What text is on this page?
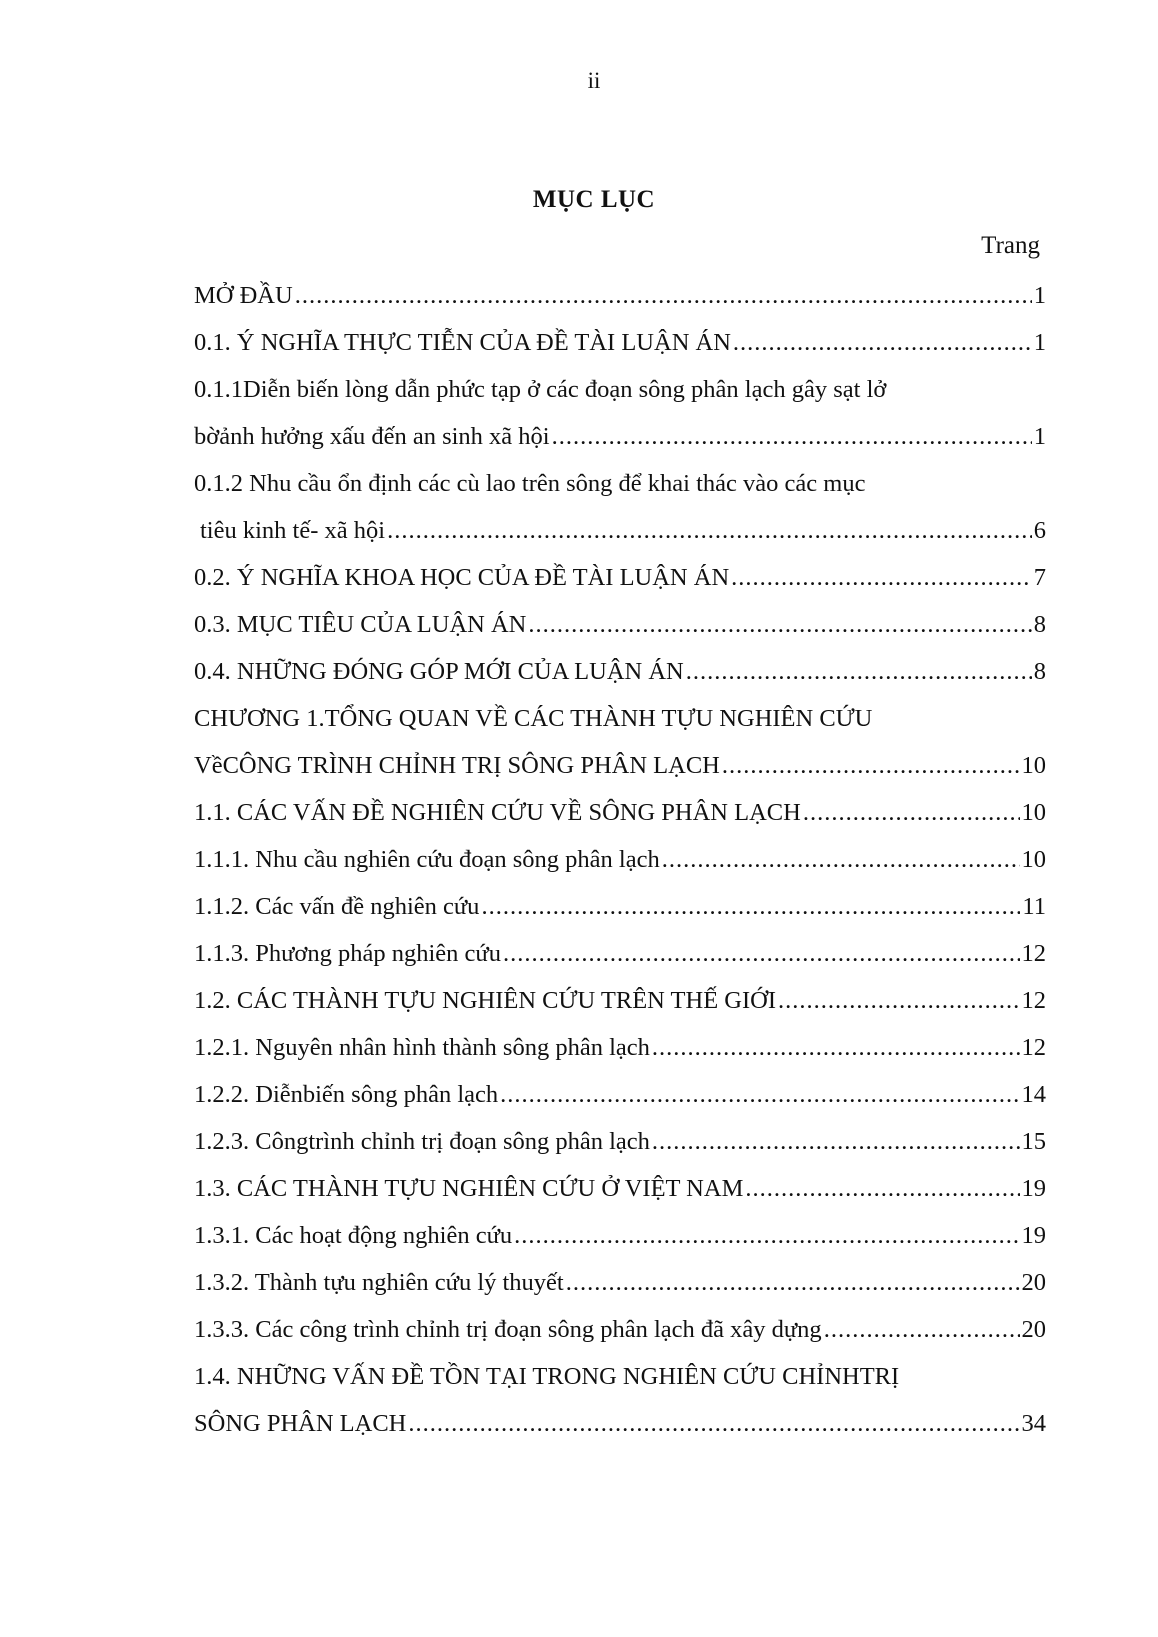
ii
MỤC LỤC
Trang
MỞ ĐẦU .....	1
0.1. Ý NGHĨA THỰC TIỄN CỦA ĐỀ TÀI LUẬN ÁN .....	1
0.1.1Diễn biến lòng dẫn phức tạp ở các đoạn sông phân lạch gây sạt lở
bờảnh hưởng xấu đến an sinh xã hội .....	1
0.1.2 Nhu cầu ổn định các cù lao trên sông để khai thác vào các mục
tiêu kinh tế- xã hội .....	6
0.2. Ý NGHĨA KHOA HỌC CỦA ĐỀ TÀI LUẬN ÁN .....	7
0.3. MỤC TIÊU CỦA LUẬN ÁN .....	8
0.4. NHỮNG ĐÓNG GÓP MỚI CỦA LUẬN ÁN .....	8
CHƯƠNG 1.TỔNG QUAN VỀ CÁC THÀNH TỰU NGHIÊN CỨU
VềCÔNG TRÌNH CHỈNH TRỊ SÔNG PHÂN LẠCH .....	10
1.1. CÁC VẤN ĐỀ NGHIÊN CỨU VỀ SÔNG PHÂN LẠCH .....	10
1.1.1. Nhu cầu nghiên cứu đoạn sông phân lạch .....	10
1.1.2. Các vấn đề nghiên cứu .....	11
1.1.3. Phương pháp nghiên cứu .....	12
1.2. CÁC THÀNH TỰU NGHIÊN CỨU TRÊN THẾ GIỚI .....	12
1.2.1. Nguyên nhân hình thành sông phân lạch .....	12
1.2.2. Diễnbiến sông phân lạch .....	14
1.2.3. Côngtrình chỉnh trị đoạn sông phân lạch .....	15
1.3. CÁC THÀNH TỰU NGHIÊN CỨU Ở VIỆT NAM .....	19
1.3.1. Các hoạt động nghiên cứu .....	19
1.3.2. Thành tựu nghiên cứu lý thuyết .....	20
1.3.3. Các công trình chỉnh trị đoạn sông phân lạch đã xây dựng .....	20
1.4. NHỮNG VẤN ĐỀ TỒN TẠI TRONG NGHIÊN CỨU CHỈNHTRỊ
SÔNG PHÂN LẠCH .....	34
